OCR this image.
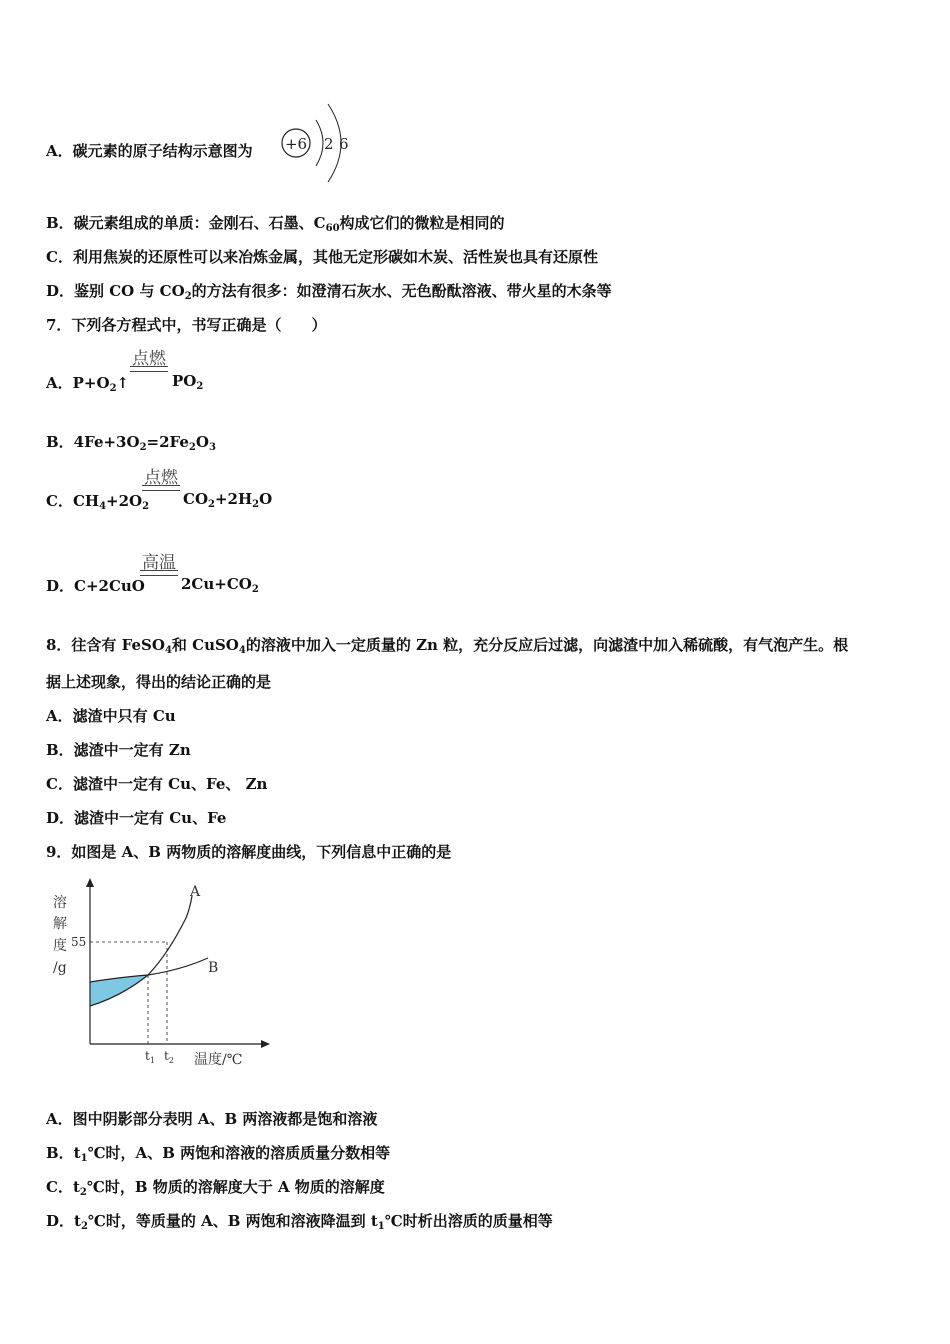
A．碳元素的原子结构示意图为 +6 2 6
B．碳元素组成的单质：金刚石、石墨、$C_{60}$构成它们的微粒是相同的
C．利用焦炭的还原性可以来冶炼金属，其他无定形碳如木炭、活性炭也具有还原性
D．鉴别 CO 与 $CO_2$的方法有很多：如澄清石灰水、无色酚酞溶液、带火星的木条等
7．下列各方程式中，书写正确是（　　）
A．$P+O_2↑$
点燃
$PO_2$
B．$4Fe+3O_2=2Fe_2O_3$
C．$CH_4+2O_2$
点燃
$CO_2+2H_2O$
D．C+2CuO
高温
$2Cu+CO_2$
8．往含有 FeSO$_4$和 CuSO$_4$的溶液中加入一定质量的 Zn 粒，充分反应后过滤，向滤渣中加入稀硫酸，有气泡产生。根
据上述现象，得出的结论正确的是
A．滤渣中只有 Cu
B．滤渣中一定有 Zn
C．滤渣中一定有 Cu、Fe、 Zn
D．滤渣中一定有 Cu、Fe
9．如图是 A、B 两物质的溶解度曲线，下列信息中正确的是
溶
解
度
/g
55
A
B
$t_1$ $t_2$ 温度/℃
A．图中阴影部分表明 A、B 两溶液都是饱和溶液
B．$t_1℃$时，A、B 两饱和溶液的溶质质量分数相等
C．$t_2℃$时，B 物质的溶解度大于 A 物质的溶解度
D．$t_2℃$时，等质量的 A、B 两饱和溶液降温到 $t_1℃$时析出溶质的质量相等
